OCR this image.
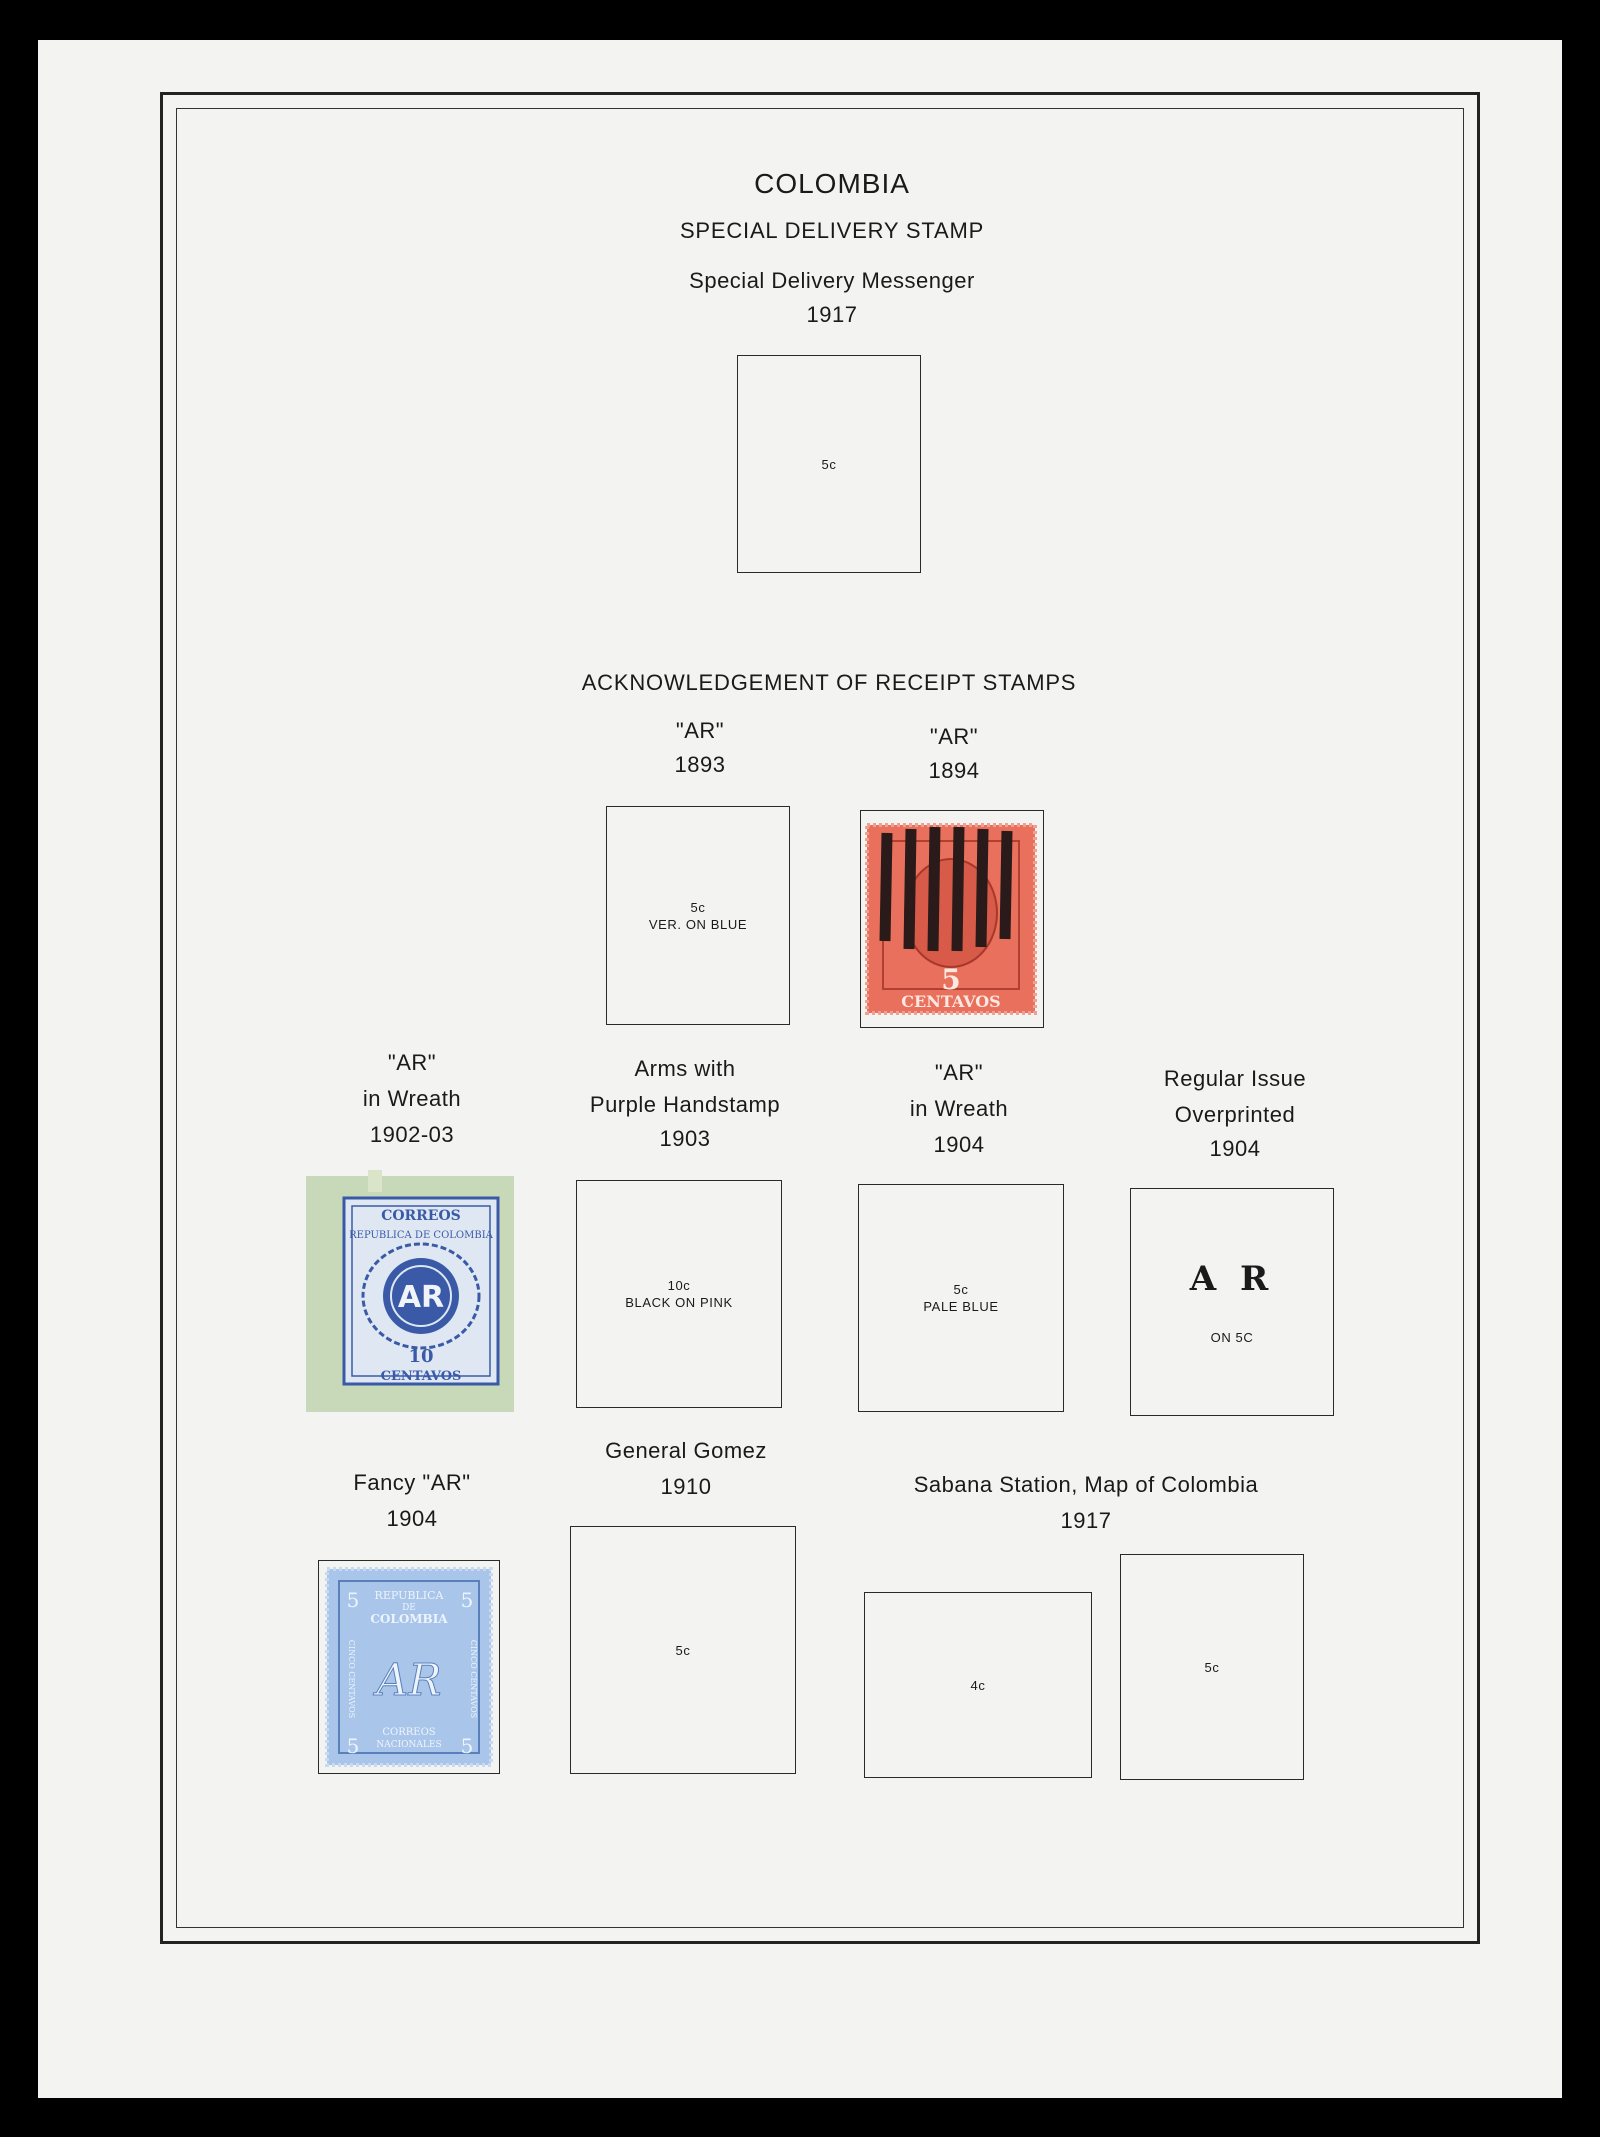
COLOMBIA
SPECIAL DELIVERY STAMP
Special Delivery Messenger
1917
5c
ACKNOWLEDGEMENT OF RECEIPT STAMPS
"AR"
1893
"AR"
1894
5c
VER. ON BLUE
5
CENTAVOS
"AR"
in Wreath
1902-03
Arms with
Purple Handstamp
1903
"AR"
in Wreath
1904
Regular Issue
Overprinted
1904
CORREOS
REPUBLICA DE COLOMBIA
AR
10
CENTAVOS
10c
BLACK ON PINK
5c
PALE BLUE
A R
ON 5C
Fancy "AR"
1904
General Gomez
1910	Sabana Station, Map of Colombia
1917
REPUBLICA
DE
COLOMBIA
5	5
5	5
AR
CINCO CENTAVOS	CINCO CENTAVOS
CORREOS
NACIONALES
5c
4c
5c
